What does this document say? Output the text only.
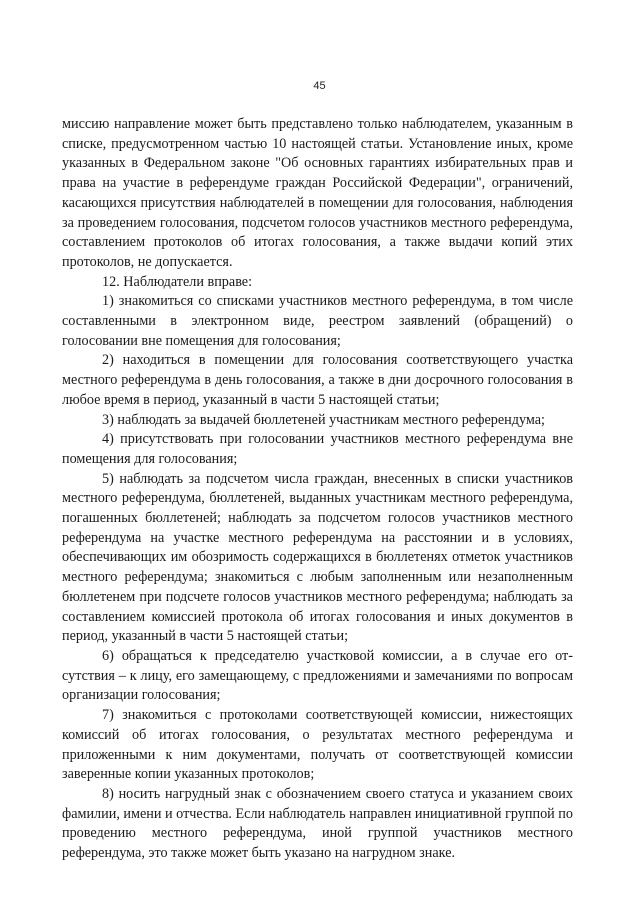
45

миссию направление может быть представлено только наблюдателем, указанным в списке, предусмотренном частью 10 настоящей статьи. Установление иных, кроме указанных в Федеральном законе "Об основных гарантиях избирательных прав и права на участие в референдуме граждан Российской Федерации", ограничений, касающихся присутствия наблюдателей в помещении для голосования, наблюдения за проведением голосования, подсчетом голосов участников местного референдума, составлением протоколов об итогах голосования, а также выдачи копий этих протоколов, не допускается.

12. Наблюдатели вправе:

1) знакомиться со списками участников местного референдума, в том числе составленными в электронном виде, реестром заявлений (обращений) о голосовании вне помещения для голосования;

2) находиться в помещении для голосования соответствующего участка местного референдума в день голосования, а также в дни досрочного голосования в любое время в период, указанный в части 5 настоящей статьи;

3) наблюдать за выдачей бюллетеней участникам местного референдума;

4) присутствовать при голосовании участников местного референдума вне помещения для голосования;

5) наблюдать за подсчетом числа граждан, внесенных в списки участников местного референдума, бюллетеней, выданных участникам местного референдума, погашенных бюллетеней; наблюдать за подсчетом голосов участников местного референдума на участке местного референдума на расстоянии и в условиях, обеспечивающих им обозримость содержащихся в бюллетенях отметок участников местного референдума; знакомиться с любым заполненным или незаполненным бюллетенем при подсчете голосов участников местного референдума; наблюдать за составлением комиссией протокола об итогах голосования и иных документов в период, указанный в части 5 настоящей статьи;

6) обращаться к председателю участковой комиссии, а в случае его отсутствия – к лицу, его замещающему, с предложениями и замечаниями по вопросам организации голосования;

7) знакомиться с протоколами соответствующей комиссии, нижестоящих комиссий об итогах голосования, о результатах местного референдума и приложенными к ним документами, получать от соответствующей комиссии заверенные копии указанных протоколов;

8) носить нагрудный знак с обозначением своего статуса и указанием своих фамилии, имени и отчества. Если наблюдатель направлен инициативной группой по проведению местного референдума, иной группой участников местного референдума, это также может быть указано на нагрудном знаке.
